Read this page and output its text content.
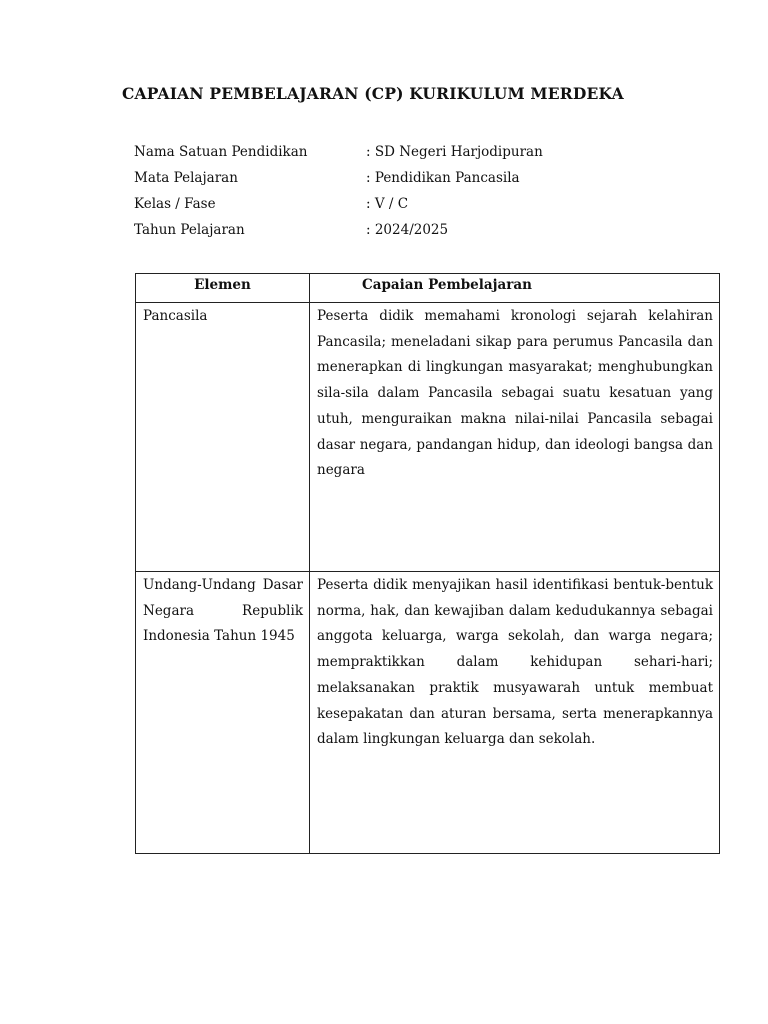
CAPAIAN PEMBELAJARAN (CP) KURIKULUM MERDEKA
Nama Satuan Pendidikan	: SD Negeri Harjodipuran
Mata Pelajaran	: Pendidikan Pancasila
Kelas / Fase	: V / C
Tahun Pelajaran	: 2024/2025
Elemen	Capaian Pembelajaran
Pancasila	Peserta didik memahami kronologi sejarah kelahiran Pancasila; meneladani sikap para perumus Pancasila dan menerapkan di lingkungan masyarakat; menghubungkan sila-sila dalam Pancasila sebagai suatu kesatuan yang utuh, menguraikan makna nilai-nilai Pancasila sebagai dasar negara, pandangan hidup, dan ideologi bangsa dan negara
Undang-Undang Dasar Negara Republik Indonesia Tahun 1945	Peserta didik menyajikan hasil identifikasi bentuk-bentuk norma, hak, dan kewajiban dalam kedudukannya sebagai anggota keluarga, warga sekolah, dan warga negara; mempraktikkan dalam kehidupan sehari-hari; melaksanakan praktik musyawarah untuk membuat kesepakatan dan aturan bersama, serta menerapkannya dalam lingkungan keluarga dan sekolah.
